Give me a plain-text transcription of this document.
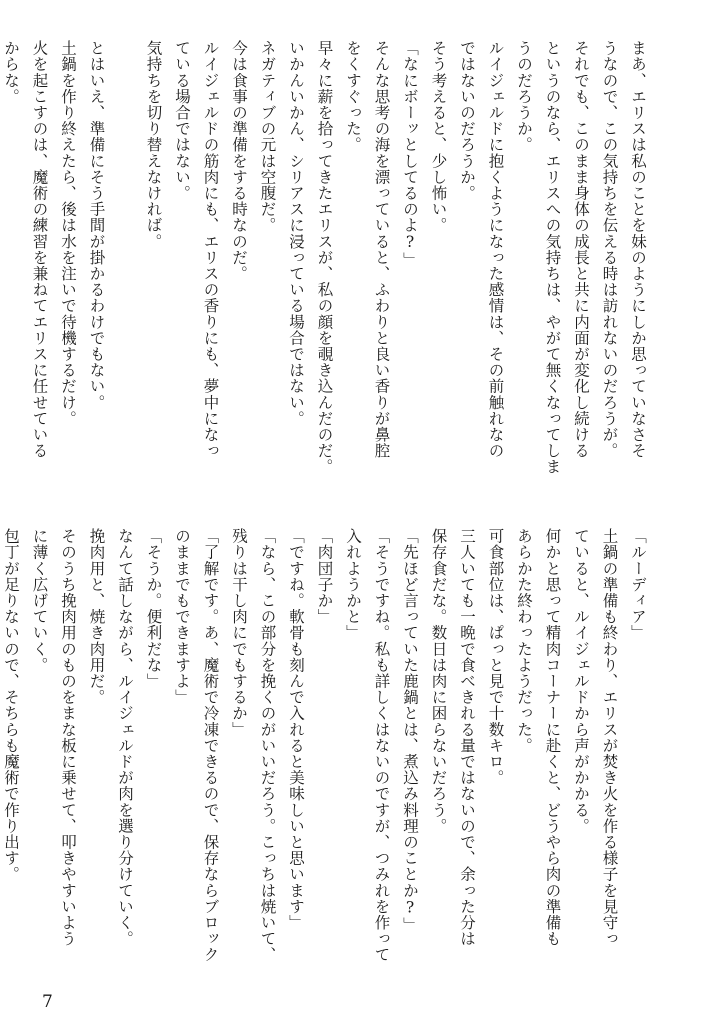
まあ、エリスは私のことを妹のようにしか思っていなさそ
うなので、この気持ちを伝える時は訪れないのだろうが。
それでも、このまま身体の成長と共に内面が変化し続ける
というのなら、エリスへの気持ちは、やがて無くなってしま
うのだろうか。
ルイジェルドに抱くようになった感情は、その前触れなの
ではないのだろうか。
そう考えると、少し怖い。
「なにボーッとしてるのよ?」
そんな思考の海を漂っていると、ふわりと良い香りが鼻腔
をくすぐった。
早々に薪を拾ってきたエリスが、私の顔を覗き込んだのだ。
いかんいかん、シリアスに浸っている場合ではない。
ネガティブの元は空腹だ。
今は食事の準備をする時なのだ。
ルイジェルドの筋肉にも、エリスの香りにも、夢中になっ
ている場合ではない。
気持ちを切り替えなければ。
とはいえ、準備にそう手間が掛かるわけでもない。
土鍋を作り終えたら、後は水を注いで待機するだけ。
火を起こすのは、魔術の練習を兼ねてエリスに任せている
からな。
「ルーディア」
土鍋の準備も終わり、エリスが焚き火を作る様子を見守っ
ていると、ルイジェルドから声がかかる。
何かと思って精肉コーナーに赴くと、どうやら肉の準備も
あらかた終わったようだった。
可食部位は、ぱっと見で十数キロ。
三人いても一晩で食べきれる量ではないので、余った分は
保存食だな。数日は肉に困らないだろう。
「先ほど言っていた鹿鍋とは、煮込み料理のことか?」
「そうですね。私も詳しくはないのですが、つみれを作って
入れようかと」
「肉団子か」
「ですね。軟骨も刻んで入れると美味しいと思います」
「なら、この部分を挽くのがいいだろう。こっちは焼いて、
残りは干し肉にでもするか」
「了解です。あ、魔術で冷凍できるので、保存ならブロック
のままでもできますよ」
「そうか。便利だな」
なんて話しながら、ルイジェルドが肉を選り分けていく。
挽肉用と、焼き肉用だ。
そのうち挽肉用のものをまな板に乗せて、叩きやすいよう
に薄く広げていく。
包丁が足りないので、そちらも魔術で作り出す。
7
